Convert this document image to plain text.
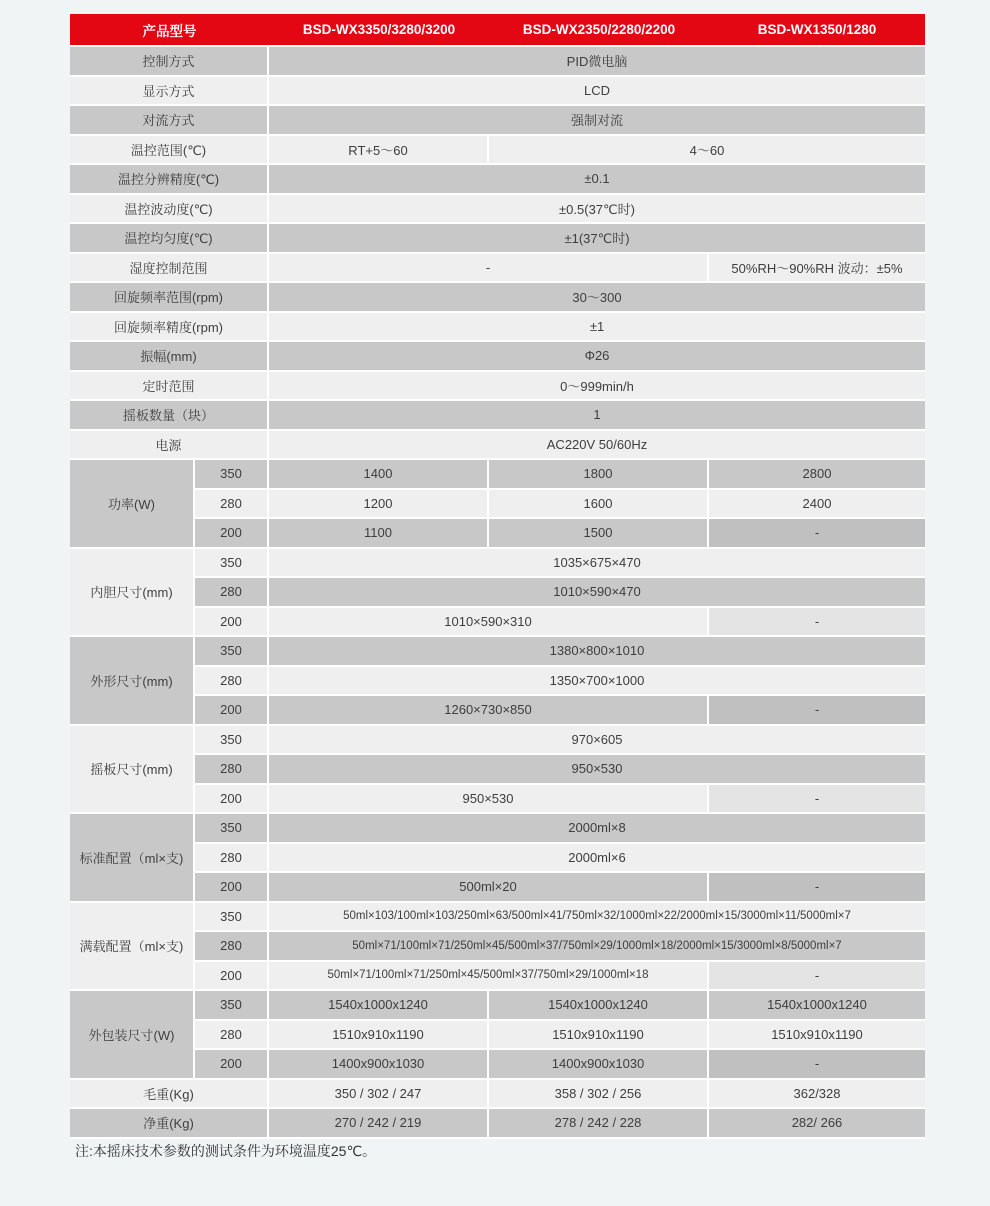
产品型号	BSD-WX3350/3280/3200	BSD-WX2350/2280/2200	BSD-WX1350/1280
控制方式	PID微电脑
显示方式	LCD
对流方式	强制对流
温控范围(℃)	RT+5～60	4～60
温控分辨精度(℃)	±0.1
温控波动度(℃)	±0.5(37℃时)
温控均匀度(℃)	±1(37℃时)
湿度控制范围	-	50%RH～90%RH 波动：±5%
回旋频率范围(rpm)	30～300
回旋频率精度(rpm)	±1
振幅(mm)	Φ26
定时范围	0～999min/h
摇板数量（块）	1
电源	AC220V 50/60Hz
功率(W)
350	1400	1800	2800
280	1200	1600	2400
200	1100	1500	-
内胆尺寸(mm)
350	1035×675×470
280	1010×590×470
200	1010×590×310	-
外形尺寸(mm)
350	1380×800×1010
280	1350×700×1000
200	1260×730×850	-
摇板尺寸(mm)
350	970×605
280	950×530
200	950×530	-
标准配置（ml×支)
350	2000ml×8
280	2000ml×6
200	500ml×20	-
满载配置（ml×支)
350	50ml×103/100ml×103/250ml×63/500ml×41/750ml×32/1000ml×22/2000ml×15/3000ml×11/5000ml×7
280	50ml×71/100ml×71/250ml×45/500ml×37/750ml×29/1000ml×18/2000ml×15/3000ml×8/5000ml×7
200	50ml×71/100ml×71/250ml×45/500ml×37/750ml×29/1000ml×18	-
外包装尺寸(W)
350	1540x1000x1240	1540x1000x1240	1540x1000x1240
280	1510x910x1190	1510x910x1190	1510x910x1190
200	1400x900x1030	1400x900x1030	-
毛重(Kg)	350 / 302 / 247	358 / 302 / 256	362/328
净重(Kg)	270 / 242 / 219	278 / 242 / 228	282/ 266
注:本摇床技术参数的测试条件为环境温度25℃。
